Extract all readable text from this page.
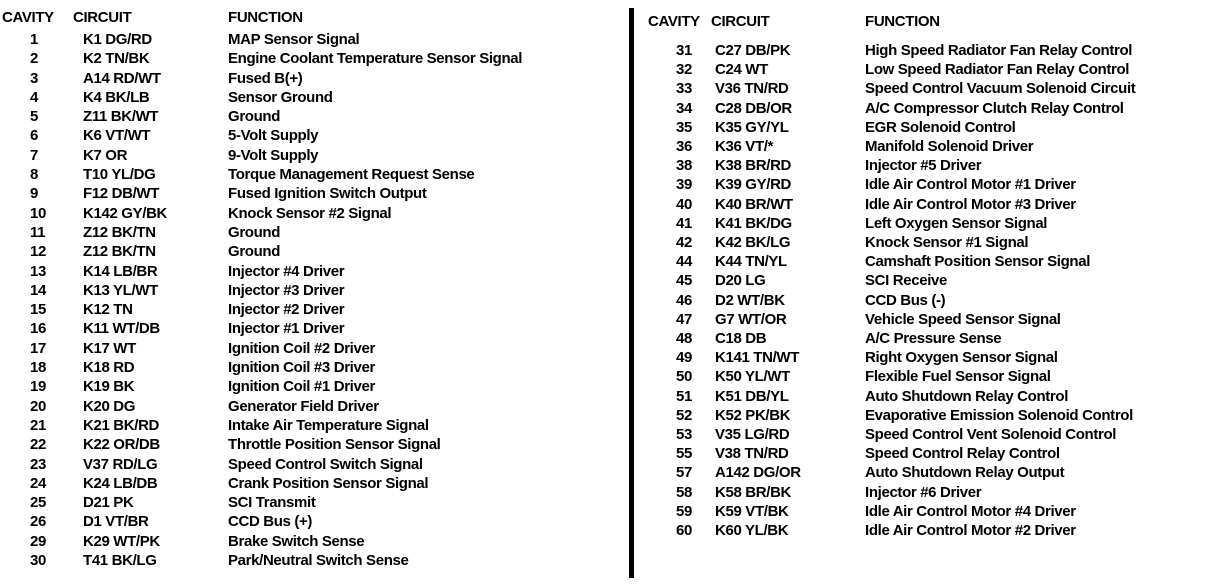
CAVITY	CIRCUIT	FUNCTION
1	K1 DG/RD	MAP Sensor Signal
2	K2 TN/BK	Engine Coolant Temperature Sensor Signal
3	A14 RD/WT	Fused B(+)
4	K4 BK/LB	Sensor Ground
5	Z11 BK/WT	Ground
6	K6 VT/WT	5-Volt Supply
7	K7 OR	9-Volt Supply
8	T10 YL/DG	Torque Management Request Sense
9	F12 DB/WT	Fused Ignition Switch Output
10	K142 GY/BK	Knock Sensor #2 Signal
11	Z12 BK/TN	Ground
12	Z12 BK/TN	Ground
13	K14 LB/BR	Injector #4 Driver
14	K13 YL/WT	Injector #3 Driver
15	K12 TN	Injector #2 Driver
16	K11 WT/DB	Injector #1 Driver
17	K17 WT	Ignition Coil #2 Driver
18	K18 RD	Ignition Coil #3 Driver
19	K19 BK	Ignition Coil #1 Driver
20	K20 DG	Generator Field Driver
21	K21 BK/RD	Intake Air Temperature Signal
22	K22 OR/DB	Throttle Position Sensor Signal
23	V37 RD/LG	Speed Control Switch Signal
24	K24 LB/DB	Crank Position Sensor Signal
25	D21 PK	SCI Transmit
26	D1 VT/BR	CCD Bus (+)
29	K29 WT/PK	Brake Switch Sense
30	T41 BK/LG	Park/Neutral Switch Sense
CAVITY CIRCUIT	FUNCTION
31	C27 DB/PK	High Speed Radiator Fan Relay Control
32	C24 WT	Low Speed Radiator Fan Relay Control
33	V36 TN/RD	Speed Control Vacuum Solenoid Circuit
34	C28 DB/OR	A/C Compressor Clutch Relay Control
35	K35 GY/YL	EGR Solenoid Control
36	K36 VT/*	Manifold Solenoid Driver
38	K38 BR/RD	Injector #5 Driver
39	K39 GY/RD	Idle Air Control Motor #1 Driver
40	K40 BR/WT	Idle Air Control Motor #3 Driver
41	K41 BK/DG	Left Oxygen Sensor Signal
42	K42 BK/LG	Knock Sensor #1 Signal
44	K44 TN/YL	Camshaft Position Sensor Signal
45	D20 LG	SCI Receive
46	D2 WT/BK	CCD Bus (-)
47	G7 WT/OR	Vehicle Speed Sensor Signal
48	C18 DB	A/C Pressure Sense
49	K141 TN/WT	Right Oxygen Sensor Signal
50	K50 YL/WT	Flexible Fuel Sensor Signal
51	K51 DB/YL	Auto Shutdown Relay Control
52	K52 PK/BK	Evaporative Emission Solenoid Control
53	V35 LG/RD	Speed Control Vent Solenoid Control
55	V38 TN/RD	Speed Control Relay Control
57	A142 DG/OR	Auto Shutdown Relay Output
58	K58 BR/BK	Injector #6 Driver
59	K59 VT/BK	Idle Air Control Motor #4 Driver
60	K60 YL/BK	Idle Air Control Motor #2 Driver
